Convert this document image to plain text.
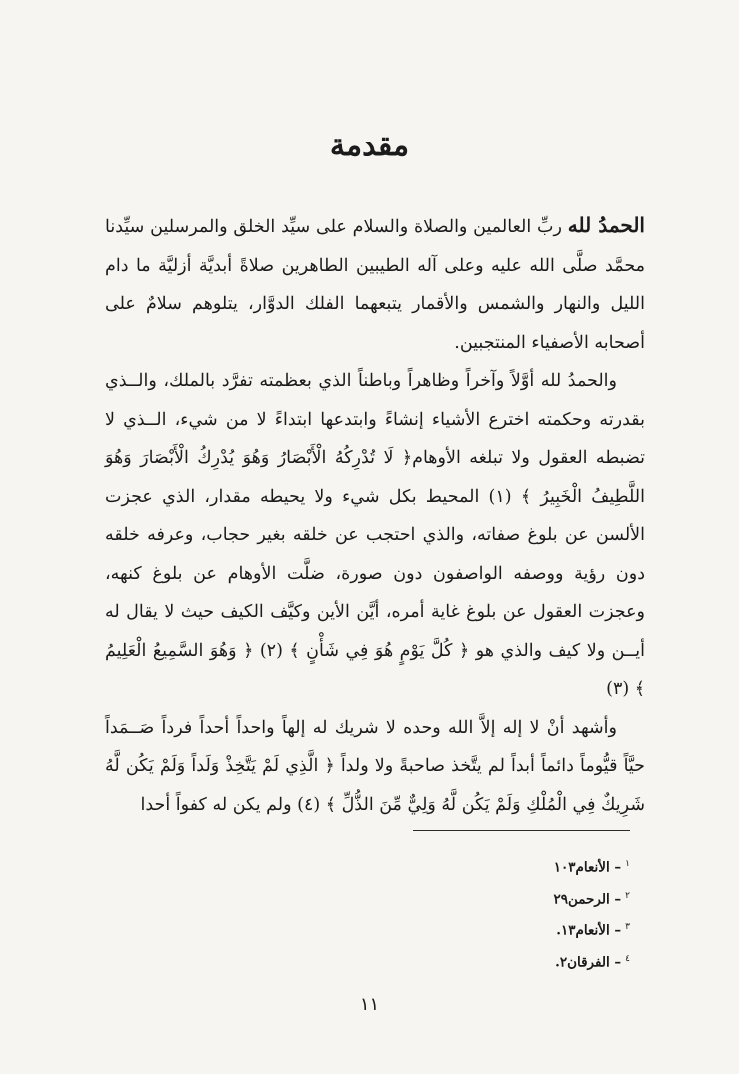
مقدمة

الحمدُ لله ربِّ العالمين والصلاة والسلام على سيِّد الخلق والمرسلين سيِّدنا محمَّد صلَّى الله عليه وعلى آله الطيبين الطاهرين صلاةً أبديَّة أزليَّة ما دام الليل والنهار والشمس والأقمار يتبعهما الفلك الدوَّار، يتلوهم سلامٌ على أصحابه الأصفياء المنتجبين.

والحمدُ لله أوَّلاً وآخراً وظاهراً وباطناً الذي بعظمته تفرَّد بالملك، والــذي بقدرته وحكمته اخترع الأشياء إنشاءً وابتدعها ابتداءً لا من شيء، الــذي لا تضبطه العقول ولا تبلغه الأوهام﴿ لَا تُدْرِكُهُ الْأَبْصَارُ وَهُوَ يُدْرِكُ الْأَبْصَارَ وَهُوَ اللَّطِيفُ الْخَبِيرُ ﴾ (١) المحيط بكل شيء ولا يحيطه مقدار، الذي عجزت الألسن عن بلوغ صفاته، والذي احتجب عن خلقه بغير حجاب، وعرفه خلقه دون رؤية ووصفه الواصفون دون صورة، ضلَّت الأوهام عن بلوغ كنهه، وعجزت العقول عن بلوغ غاية أمره، أيَّن الأين وكيَّف الكيف حيث لا يقال له أيــن ولا كيف والذي هو ﴿ كُلَّ يَوْمٍ هُوَ فِي شَأْنٍ ﴾ (٢) ﴿ وَهُوَ السَّمِيعُ الْعَلِيمُ ﴾ (٣)

وأشهد أنْ لا إله إلاَّ الله وحده لا شريك له إلهاً واحداً أحداً فرداً صَــمَداً حيَّاً قيُّوماً دائماً أبداً لم يتَّخذ صاحبةً ولا ولداً ﴿ الَّذِي لَمْ يَتَّخِذْ وَلَداً وَلَمْ يَكُن لَّهُ شَرِيكٌ فِي الْمُلْكِ وَلَمْ يَكُن لَّهُ وَلِيٌّ مِّنَ الذُّلِّ ﴾ (٤) ولم يكن له كفواً أحدا

$^١$– الأنعام١٠٣
$^٢$– الرحمن٢٩
$^٣$– الأنعام١٣.
$^٤$– الفرقان٢.
١١
